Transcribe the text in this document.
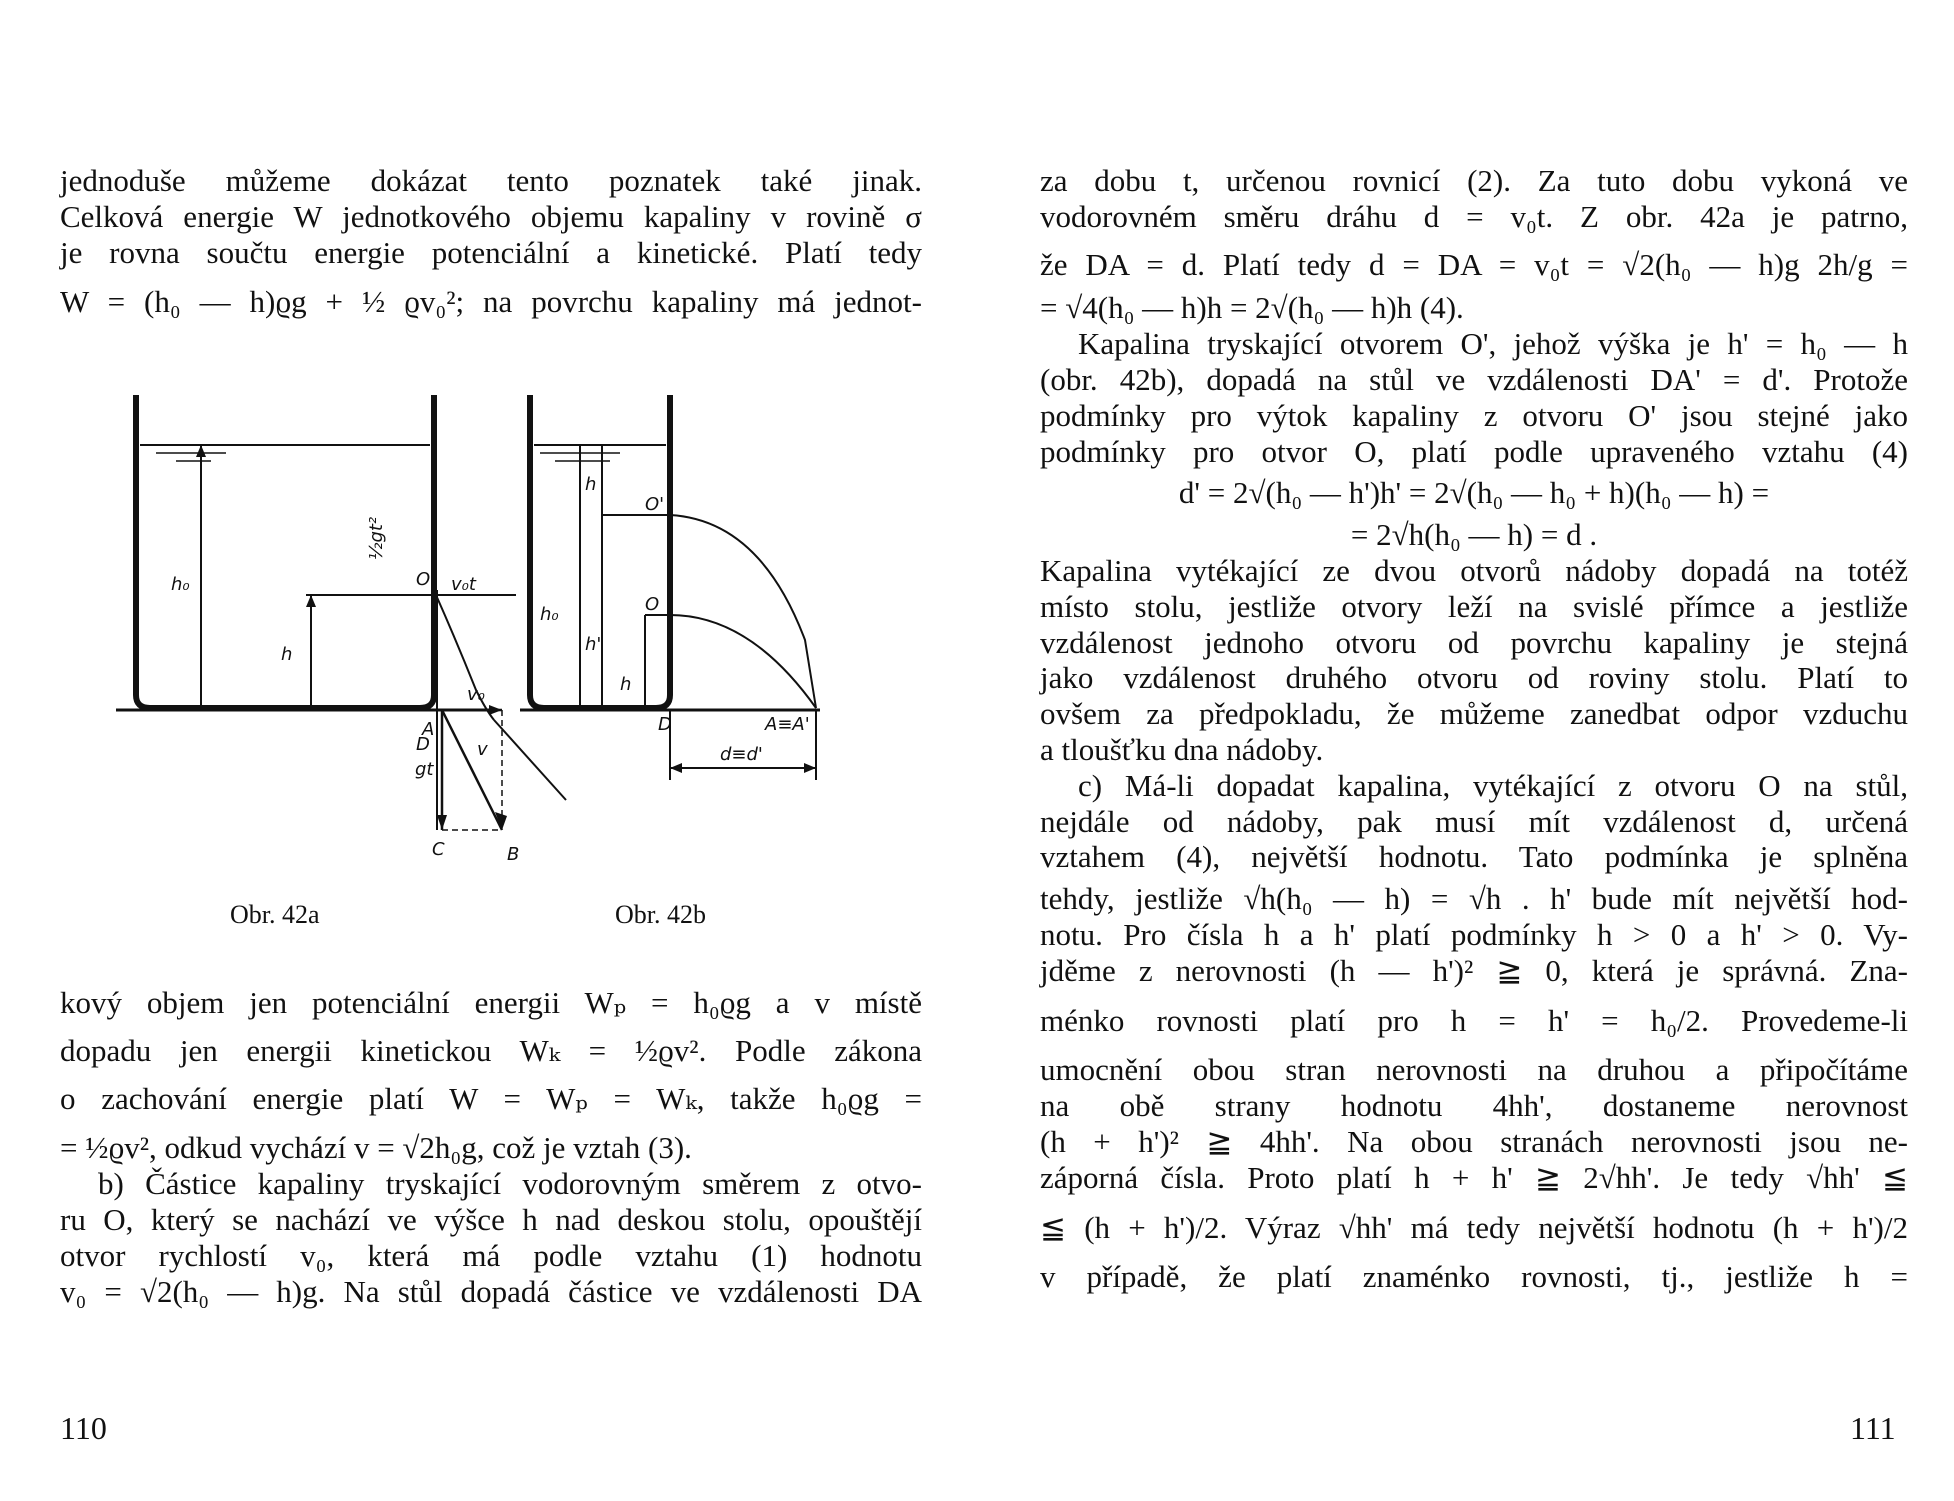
jednoduše můžeme dokázat tento poznatek také jinak.
Celková energie W jednotkového objemu kapaliny v rovině σ
je rovna součtu energie potenciální a kinetické. Platí tedy
W = (h₀ — h)ϱg + ½ ϱv₀²; na povrchu kapaliny má jednot-
h₀
h
O v₀t
D
A
gt
v
v₀
C	B
½gt²
h₀
h
h'
h
O'
O
D	A≡A'
d≡d'
Obr. 42a	Obr. 42b
kový objem jen potenciální energii Wₚ = h₀ϱg a v místě
dopadu jen energii kinetickou Wₖ = ½ϱv². Podle zákona
o zachování energie platí W = Wₚ = Wₖ, takže h₀ϱg =
= ½ϱv², odkud vychází v = √2h₀g, což je vztah (3).
b) Částice kapaliny tryskající vodorovným směrem z otvo-
ru O, který se nachází ve výšce h nad deskou stolu, opouštějí
otvor rychlostí v₀, která má podle vztahu (1) hodnotu
v₀ = √2(h₀ — h)g. Na stůl dopadá částice ve vzdálenosti DA
110
za dobu t, určenou rovnicí (2). Za tuto dobu vykoná ve
vodorovném směru dráhu d = v₀t. Z obr. 42a je patrno,
že DA = d. Platí tedy d = DA = v₀t = √2(h₀ — h)g 2h/g =
= √4(h₀ — h)h = 2√(h₀ — h)h (4).
Kapalina tryskající otvorem O', jehož výška je h' = h₀ — h
(obr. 42b), dopadá na stůl ve vzdálenosti DA' = d'. Protože
podmínky pro výtok kapaliny z otvoru O' jsou stejné jako
podmínky pro otvor O, platí podle upraveného vztahu (4)
d' = 2√(h₀ — h')h' = 2√(h₀ — h₀ + h)(h₀ — h) =
= 2√h(h₀ — h) = d .
Kapalina vytékající ze dvou otvorů nádoby dopadá na totéž
místo stolu, jestliže otvory leží na svislé přímce a jestliže
vzdálenost jednoho otvoru od povrchu kapaliny je stejná
jako vzdálenost druhého otvoru od roviny stolu. Platí to
ovšem za předpokladu, že můžeme zanedbat odpor vzduchu
a tloušťku dna nádoby.
c) Má-li dopadat kapalina, vytékající z otvoru O na stůl,
nejdále od nádoby, pak musí mít vzdálenost d, určená
vztahem (4), největší hodnotu. Tato podmínka je splněna
tehdy, jestliže √h(h₀ — h) = √h . h' bude mít největší hod-
notu. Pro čísla h a h' platí podmínky h > 0 a h' > 0. Vy-
jděme z nerovnosti (h — h')² ≧ 0, která je správná. Zna-
ménko rovnosti platí pro h = h' = h₀/2. Provedeme-li
umocnění obou stran nerovnosti na druhou a připočítáme
na obě strany hodnotu 4hh', dostaneme nerovnost
(h + h')² ≧ 4hh'. Na obou stranách nerovnosti jsou ne-
záporná čísla. Proto platí h + h' ≧ 2√hh'. Je tedy √hh' ≦
≦ (h + h')/2. Výraz √hh' má tedy největší hodnotu (h + h')/2
v případě, že platí znaménko rovnosti, tj., jestliže h =
111
